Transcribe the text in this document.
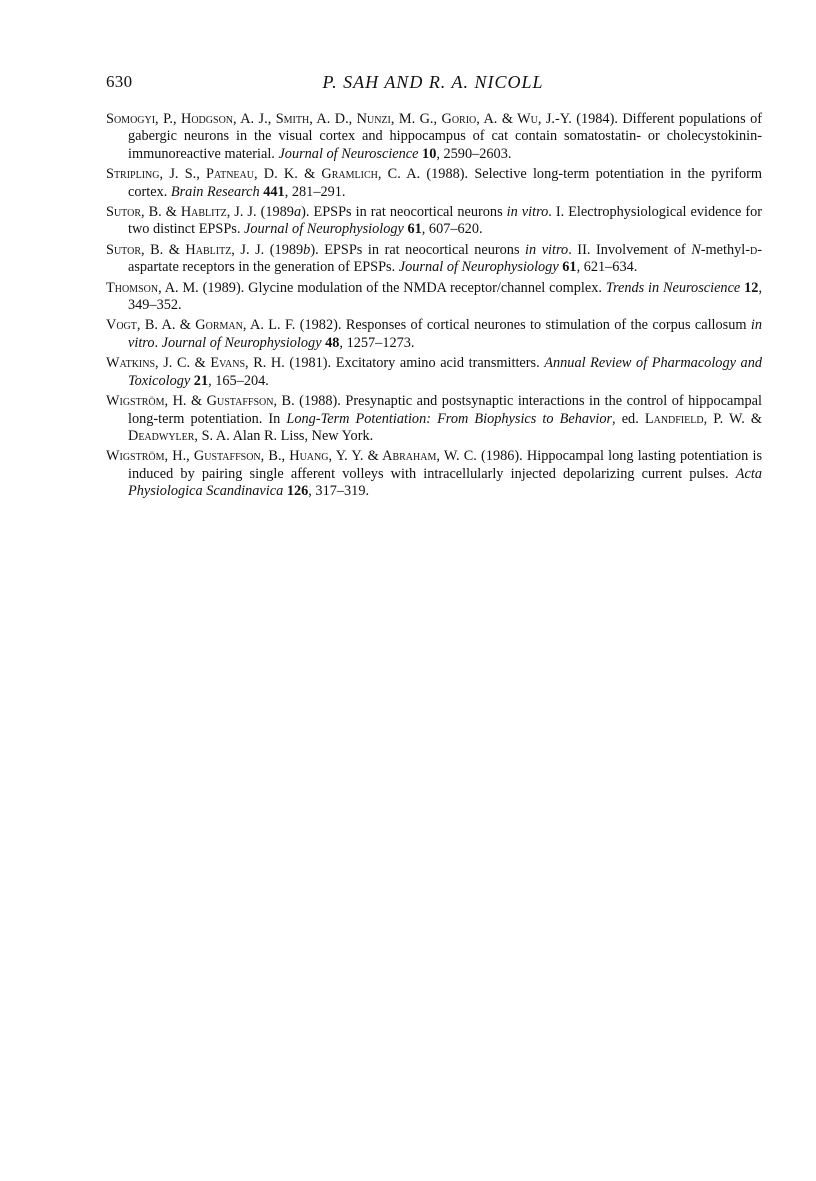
630	P. SAH AND R. A. NICOLL

Somogyi, P., Hodgson, A. J., Smith, A. D., Nunzi, M. G., Gorio, A. & Wu, J.-Y. (1984). Different populations of gabergic neurons in the visual cortex and hippocampus of cat contain somatostatin- or cholecystokinin-immunoreactive material. Journal of Neuroscience 10, 2590–2603.

Stripling, J. S., Patneau, D. K. & Gramlich, C. A. (1988). Selective long-term potentiation in the pyriform cortex. Brain Research 441, 281–291.

Sutor, B. & Hablitz, J. J. (1989a). EPSPs in rat neocortical neurons in vitro. I. Electrophysiological evidence for two distinct EPSPs. Journal of Neurophysiology 61, 607–620.

Sutor, B. & Hablitz, J. J. (1989b). EPSPs in rat neocortical neurons in vitro. II. Involvement of N-methyl-d-aspartate receptors in the generation of EPSPs. Journal of Neurophysiology 61, 621–634.

Thomson, A. M. (1989). Glycine modulation of the NMDA receptor/channel complex. Trends in Neuroscience 12, 349–352.

Vogt, B. A. & Gorman, A. L. F. (1982). Responses of cortical neurones to stimulation of the corpus callosum in vitro. Journal of Neurophysiology 48, 1257–1273.

Watkins, J. C. & Evans, R. H. (1981). Excitatory amino acid transmitters. Annual Review of Pharmacology and Toxicology 21, 165–204.

Wigström, H. & Gustaffson, B. (1988). Presynaptic and postsynaptic interactions in the control of hippocampal long-term potentiation. In Long-Term Potentiation: From Biophysics to Behavior, ed. Landfield, P. W. & Deadwyler, S. A. Alan R. Liss, New York.

Wigström, H., Gustaffson, B., Huang, Y. Y. & Abraham, W. C. (1986). Hippocampal long lasting potentiation is induced by pairing single afferent volleys with intracellularly injected depolarizing current pulses. Acta Physiologica Scandinavica 126, 317–319.
